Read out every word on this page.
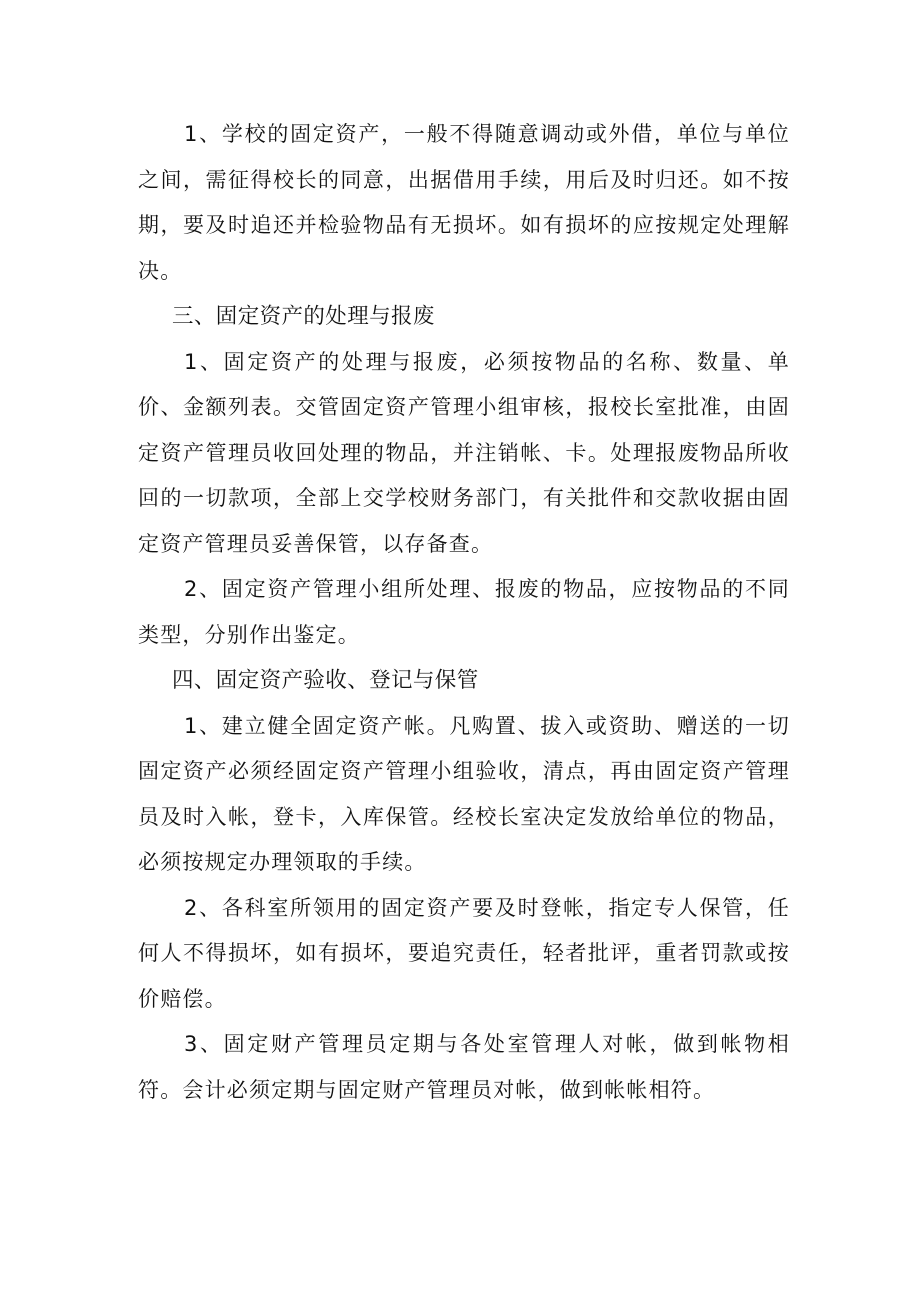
1、学校的固定资产，一般不得随意调动或外借，单位与单位之间，需征得校长的同意，出据借用手续，用后及时归还。如不按期，要及时追还并检验物品有无损坏。如有损坏的应按规定处理解决。

三、固定资产的处理与报废

1、固定资产的处理与报废，必须按物品的名称、数量、单价、金额列表。交管固定资产管理小组审核，报校长室批准，由固定资产管理员收回处理的物品，并注销帐、卡。处理报废物品所收回的一切款项，全部上交学校财务部门，有关批件和交款收据由固定资产管理员妥善保管，以存备查。

2、固定资产管理小组所处理、报废的物品，应按物品的不同类型，分别作出鉴定。

四、固定资产验收、登记与保管

1、建立健全固定资产帐。凡购置、拔入或资助、赠送的一切固定资产必须经固定资产管理小组验收，清点，再由固定资产管理员及时入帐，登卡，入库保管。经校长室决定发放给单位的物品，必须按规定办理领取的手续。

2、各科室所领用的固定资产要及时登帐，指定专人保管，任何人不得损坏，如有损坏，要追究责任，轻者批评，重者罚款或按价赔偿。

3、固定财产管理员定期与各处室管理人对帐，做到帐物相符。会计必须定期与固定财产管理员对帐，做到帐帐相符。
